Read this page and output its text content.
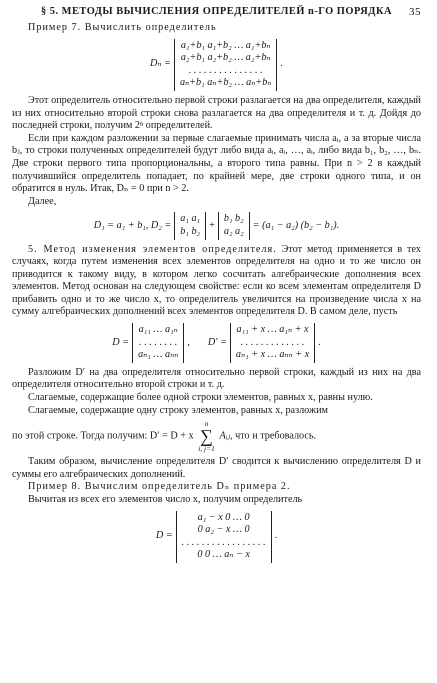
§ 5. МЕТОДЫ ВЫЧИСЛЕНИЯ ОПРЕДЕЛИТЕЛЕЙ n-ГО ПОРЯДКА 35

Пример 7. Вычислить определитель

Dₙ =
a₁+b₁ a₁+b₂ … a₁+bₙ
a₂+b₁ a₂+b₂ … a₂+bₙ
. . . . . . . . . . . . . . .
aₙ+b₁ aₙ+b₂ … aₙ+bₙ
.

Этот определитель относительно первой строки разлагается на два определителя, каждый из них относительно второй строки снова разлагается на два определителя и т. д. Дойдя до последней строки, получим 2ⁿ определителей.

Если при каждом разложении за первые слагаемые принимать числа aᵢ, а за вторые числа bⱼ, то строки полученных определителей будут либо вида aᵢ, aᵢ, …, aᵢ, либо вида b₁, b₂, …, bₙ. Две строки первого типа пропорциональны, а второго типа равны. При n > 2 в каждый получившийся определитель попадает, по крайней мере, две строки одного типа, и он обратится в нуль. Итак, Dₙ = 0 при n > 2.

Далее,

D₁ = a₁ + b₁, D₂ =
a₁ a₁
b₁ b₂
+
b₁ b₂
a₂ a₂
= (a₁ − a₂) (b₂ − b₁).

5. Метод изменения элементов определителя. Этот метод применяется в тех случаях, когда путем изменения всех элементов определителя на одно и то же число он приводится к такому виду, в котором легко сосчитать алгебраические дополнения всех элементов. Метод основан на следующем свойстве: если ко всем элементам определителя D прибавить одно и то же число x, то определитель увеличится на произведение числа x на сумму алгебраических дополнений всех элементов определителя D. В самом деле, пусть

D =
a₁₁ … a₁ₙ
. . . . . . . .
aₙ₁ … aₙₙ
, D′ =
a₁₁ + x … a₁ₙ + x
. . . . . . . . . . . . .
aₙ₁ + x … aₙₙ + x
.

Разложим D′ на два определителя относительно первой строки, каждый из них на два определителя относительно второй строки и т. д.

Слагаемые, содержащие более одной строки элементов, равных x, равны нулю.

Слагаемые, содержащие одну строку элементов, равных x, разложим

по этой строке. Тогда получим: D′ = D + x
n
∑
i, j=1
Aᵢⱼ, что и требовалось.

Таким образом, вычисление определителя D′ сводится к вычислению определителя D и суммы его алгебраических дополнений.

Пример 8. Вычислим определитель Dₙ примера 2.

Вычитая из всех его элементов число x, получим определитель

D =
a₁ − x 0 … 0
0 a₂ − x … 0
. . . . . . . . . . . . . . . . .
0 0 … aₙ − x
.
